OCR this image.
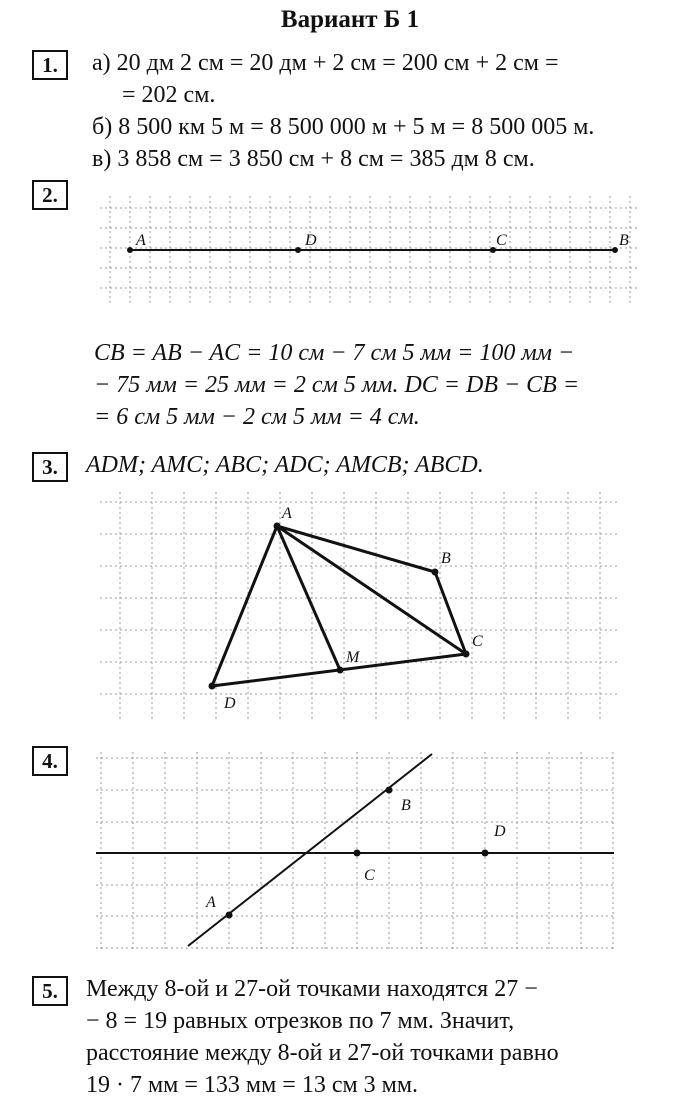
Вариант Б 1
1.	а) 20 дм 2 см = 20 дм + 2 см = 200 см + 2 см =
= 202 см.
б) 8 500 км 5 м = 8 500 000 м + 5 м = 8 500 005 м.
в) 3 858 см = 3 850 см + 8 см = 385 дм 8 см.
2.
A	D	C	B
CB = AB − AC = 10 см − 7 см 5 мм = 100 мм −
− 75 мм = 25 мм = 2 см 5 мм. DC = DB − CB =
= 6 см 5 мм − 2 см 5 мм = 4 см.
3.	ADM; AMC; ABC; ADC; AMCB; ABCD.
A
B
C
M
D
4.
A
B
C
D
5.	Между 8-ой и 27-ой точками находятся 27 −
− 8 = 19 равных отрезков по 7 мм. Значит,
расстояние между 8-ой и 27-ой точками равно
19 · 7 мм = 133 мм = 13 см 3 мм.
